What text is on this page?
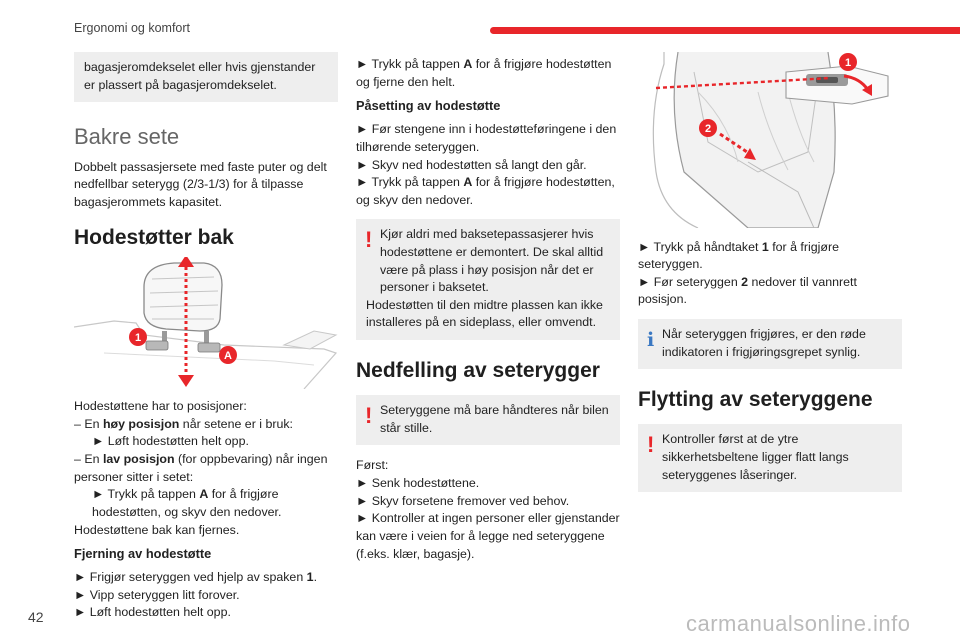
Ergonomi og komfort

bagasjeromdekselet eller hvis gjenstander er plassert på bagasjeromdekselet.

Bakre sete

Dobbelt passasjersete med faste puter og delt nedfellbar seterygg (2/3-1/3) for å tilpasse bagasjerommets kapasitet.

Hodestøtter bak
1
A

Hodestøttene har to posisjoner:

– En høy posisjon når setene er i bruk:

► Løft hodestøtten helt opp.

– En lav posisjon (for oppbevaring) når ingen personer sitter i setet:

► Trykk på tappen A for å frigjøre hodestøtten, og skyv den nedover.

Hodestøttene bak kan fjernes.

Fjerning av hodestøtte

► Frigjør seteryggen ved hjelp av spaken 1.

► Vipp seteryggen litt forover.

► Løft hodestøtten helt opp.

► Trykk på tappen A for å frigjøre hodestøtten og fjerne den helt.

Påsetting av hodestøtte

► Før stengene inn i hodestøtteføringene i den tilhørende seteryggen.

► Skyv ned hodestøtten så langt den går.

► Trykk på tappen A for å frigjøre hodestøtten, og skyv den nedover.

! Kjør aldri med baksetepassasjerer hvis hodestøttene er demontert. De skal alltid være på plass i høy posisjon når det er personer i baksetet.

Hodestøtten til den midtre plassen kan ikke installeres på en sideplass, eller omvendt.

Nedfelling av seterygger
! Seteryggene må bare håndteres når bilen står stille.

Først:

► Senk hodestøttene.

► Skyv forsetene fremover ved behov.

► Kontroller at ingen personer eller gjenstander kan være i veien for å legge ned seteryggene (f.eks. klær, bagasje).

1
2

► Trykk på håndtaket 1 for å frigjøre seteryggen.

► Før seteryggen 2 nedover til vannrett posisjon.

i Når seteryggen frigjøres, er den røde indikatoren i frigjøringsgrepet synlig.

Flytting av seteryggene
! Kontroller først at de ytre sikkerhetsbeltene ligger flatt langs seteryggenes låseringer.

42	carmanualsonline.info
